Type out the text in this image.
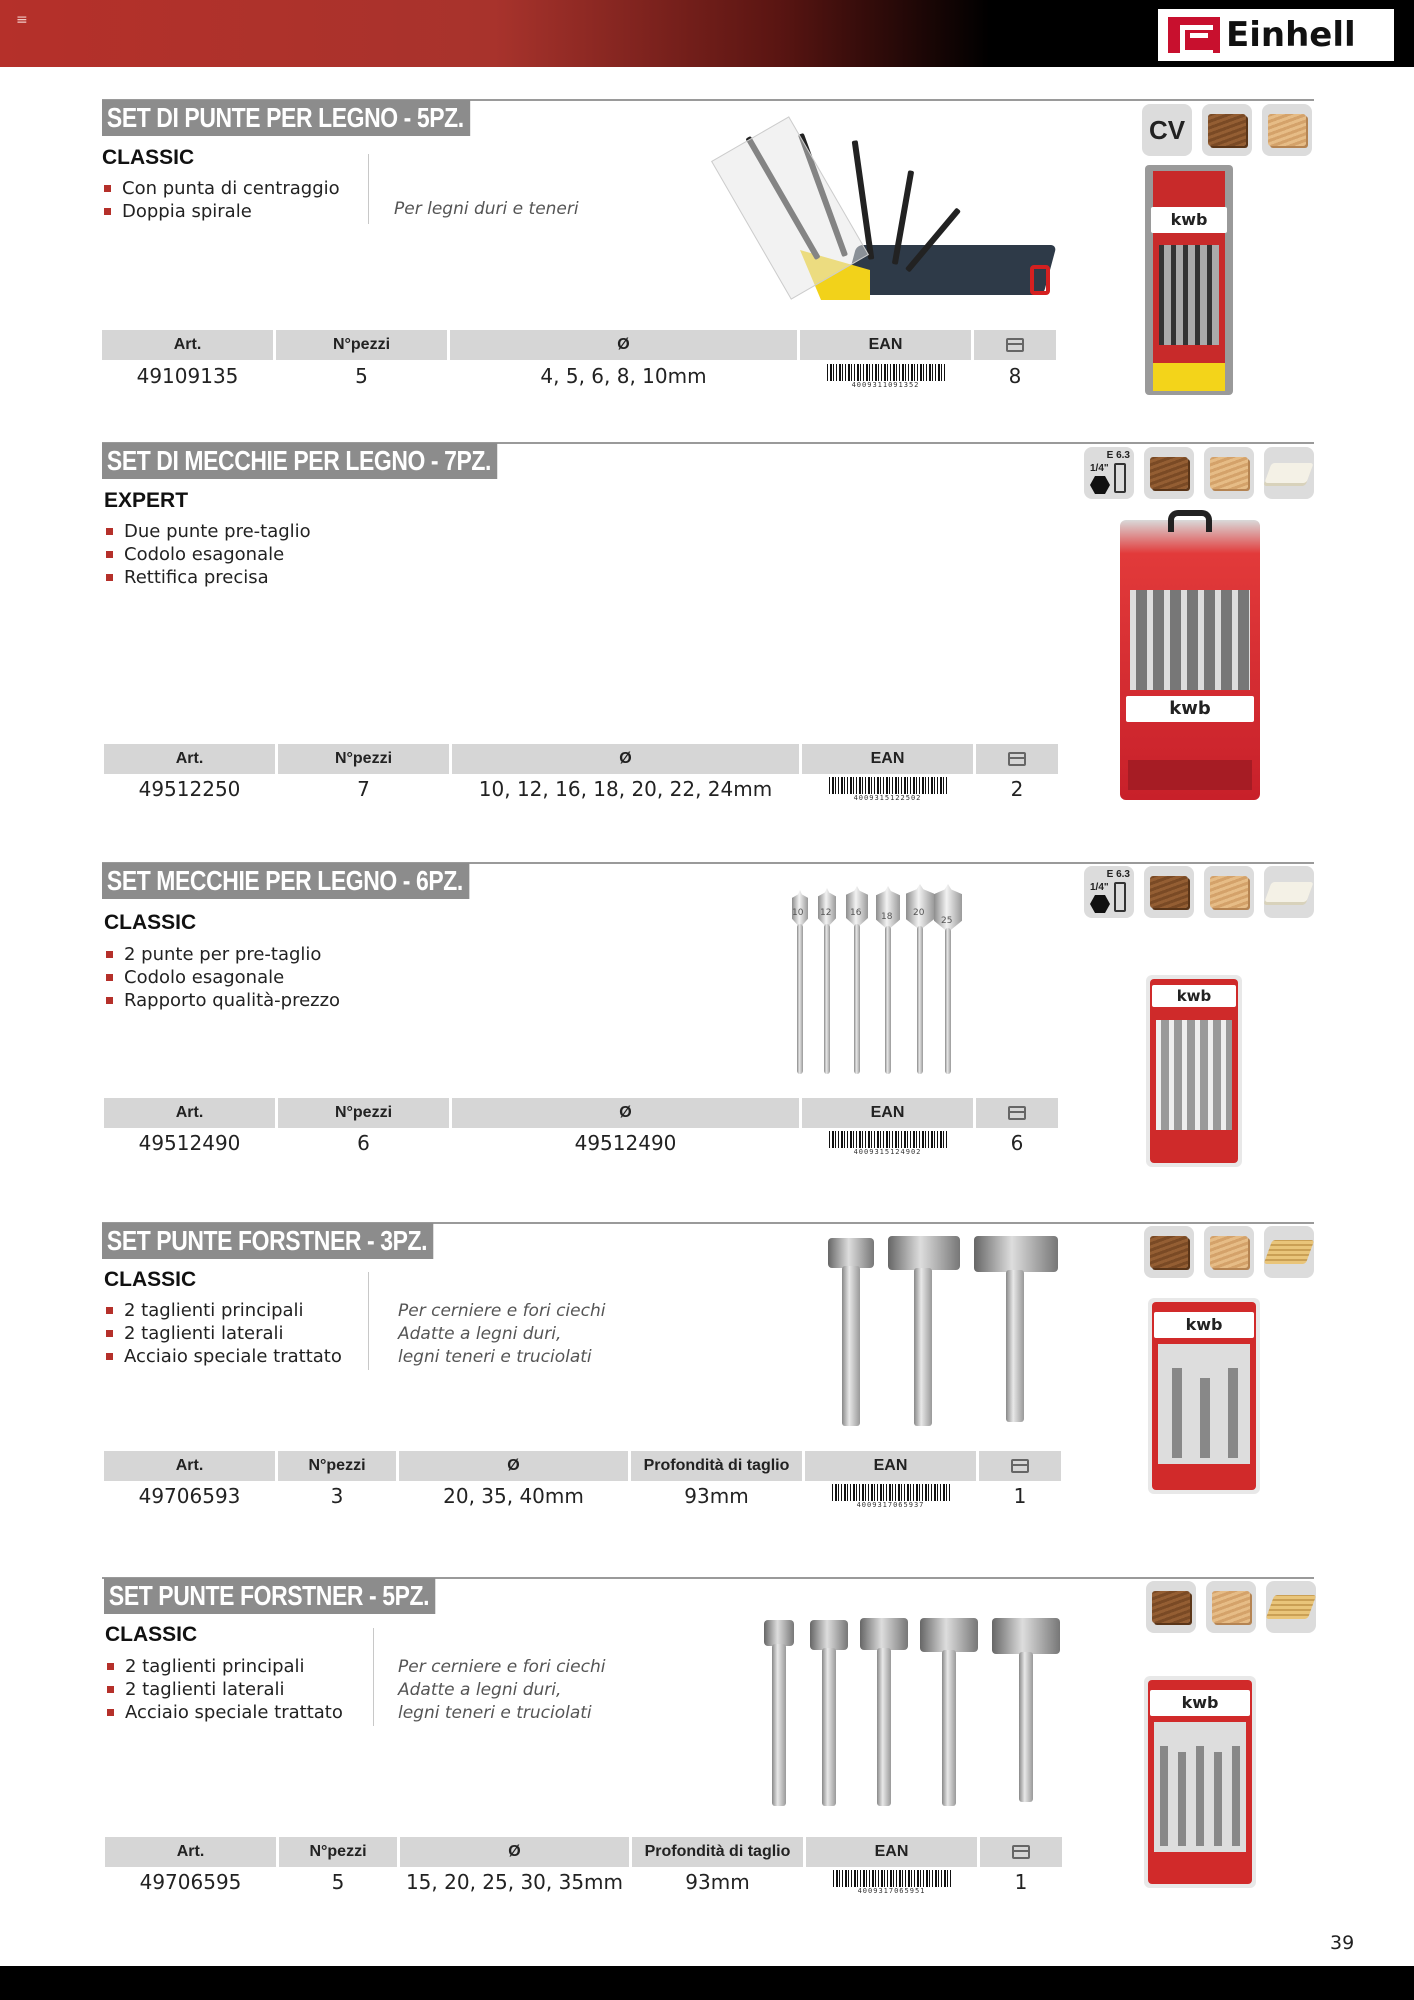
≡	Einhell
SET DI PUNTE PER LEGNO - 5PZ.
CLASSIC
Con punta di centraggio
Doppia spirale	Per legni duri e teneri
CV
kwb
Art.	N°pezzi	Ø	EAN
49109135	5	4, 5, 6, 8, 10mm	4009311091352	8
SET DI MECCHIE PER LEGNO - 7PZ.
EXPERT
Due punte pre-taglio
Codolo esagonale
Rettifica precisa
E 6.3
1/4"
kwb
Art.	N°pezzi	Ø	EAN
49512250	7	10, 12, 16, 18, 20, 22, 24mm	4009315122502	2
SET MECCHIE PER LEGNO - 6PZ.
CLASSIC
2 punte per pre-taglio
Codolo esagonale
Rapporto qualità-prezzo
10 12 16 18 20
25
E 6.3
1/4"
kwb
Art.	N°pezzi	Ø	EAN
49512490	6	49512490	4009315124902	6
SET PUNTE FORSTNER - 3PZ.
CLASSIC
2 taglienti principali
2 taglienti laterali
Acciaio speciale trattato
Per cerniere e fori ciechi
Adatte a legni duri,
legni teneri e truciolati
kwb
Art.	N°pezzi	Ø	Profondità di taglio	EAN
49706593	3	20, 35, 40mm	93mm	4009317065937	1
SET PUNTE FORSTNER - 5PZ.
CLASSIC
2 taglienti principali
2 taglienti laterali
Acciaio speciale trattato
Per cerniere e fori ciechi
Adatte a legni duri,
legni teneri e truciolati
kwb
Art.	N°pezzi	Ø	Profondità di taglio	EAN
49706595	5	15, 20, 25, 30, 35mm	93mm	4009317065951	1
39
